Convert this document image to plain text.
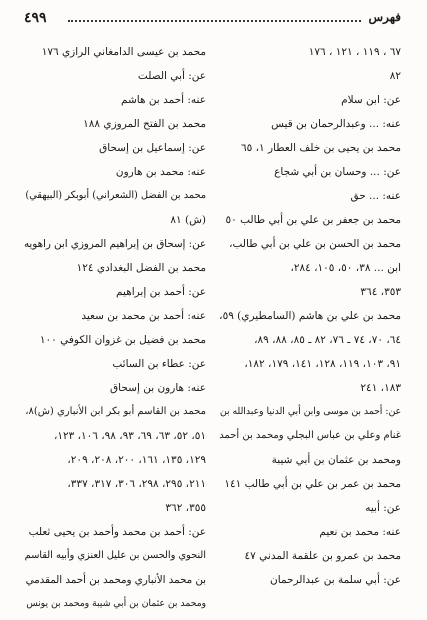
فهرس
٤٩٩
٦٧ ، ١١٩ ، ١٢١ ، ١٧٦
٨٢
عن: ابن سلام
عنه: ... وعبدالرحمان بن قيس
محمد بن يحيى بن خلف العطار ١، ٦٥
عن: ... وحسان بن أبي شجاع
عنه: ... حق
محمد بن جعفر بن علي بن أبي طالب ٥٠
محمد بن الحسن بن علي بن أبي طالب،
ابن ... ٣٨، ٥٠، ١٠٥، ٢٨٤،
٣٥٣، ٣٦٤
محمد بن علي بن هاشم (السامطيري) ٥٩،
٦٤، ٧٠، ٧٤ ـ ٧٦، ٨٢ ـ ٨٥، ٨٨، ٨٩،
٩١، ١٠٣، ١١٩، ١٢٨، ١٤١، ١٧٩، ١٨٢،
١٨٣، ٢٤١
عن: أحمد بن موسى وابن أبي الدنيا وعبدالله بن
غنام وعلي بن عباس البجلي ومحمد بن أحمد
ومحمد بن عثمان بن أبي شيبة
محمد بن عمر بن علي بن أبي طالب ١٤١
عن: أبيه
عنه: محمد بن نعيم
محمد بن عمرو بن علقمة المدني ٤٧
عن: أبي سلمة بن عبدالرحمان
محمد بن عيسى الدامغاني الرازي ١٧٦
عن: أبي الصلت
عنه: أحمد بن هاشم
محمد بن الفتح المروزي ١٨٨
عن: إسماعيل بن إسحاق
عنه: محمد بن هارون
محمد بن الفضل (الشعراني) أبوبكر (البيهقي)
(ش) ٨١
عن: إسحاق بن إبراهيم المروزي ابن راهويه
محمد بن الفضل البغدادي ١٢٤
عن: أحمد بن إبراهيم
عنه: أحمد بن محمد بن سعيد
محمد بن فضيل بن غزوان الكوفي ١٠٠
عن: عطاء بن السائب
عنه: هارون بن إسحاق
محمد بن القاسم أبو بكر ابن الأنباري (ش)٨،
٥١، ٥٢، ٦٣، ٦٩، ٩٣، ٩٨، ١٠٦، ١٢٣،
١٢٩، ١٣٥، ١٦١، ٢٠٠، ٢٠٨، ٢٠٩،
٢١١، ٢٩٥، ٢٩٨، ٣٠٦، ٣١٧، ٣٣٧،
٣٥٥، ٣٦٢
عن: أحمد بن محمد وأحمد بن يحيى ثعلب
النحوي والحسن بن عليل العنزي وأبيه القاسم
بن محمد الأنباري ومحمد بن أحمد المقدمي
ومحمد بن عثمان بن أبي شيبة ومحمد بن يونس
